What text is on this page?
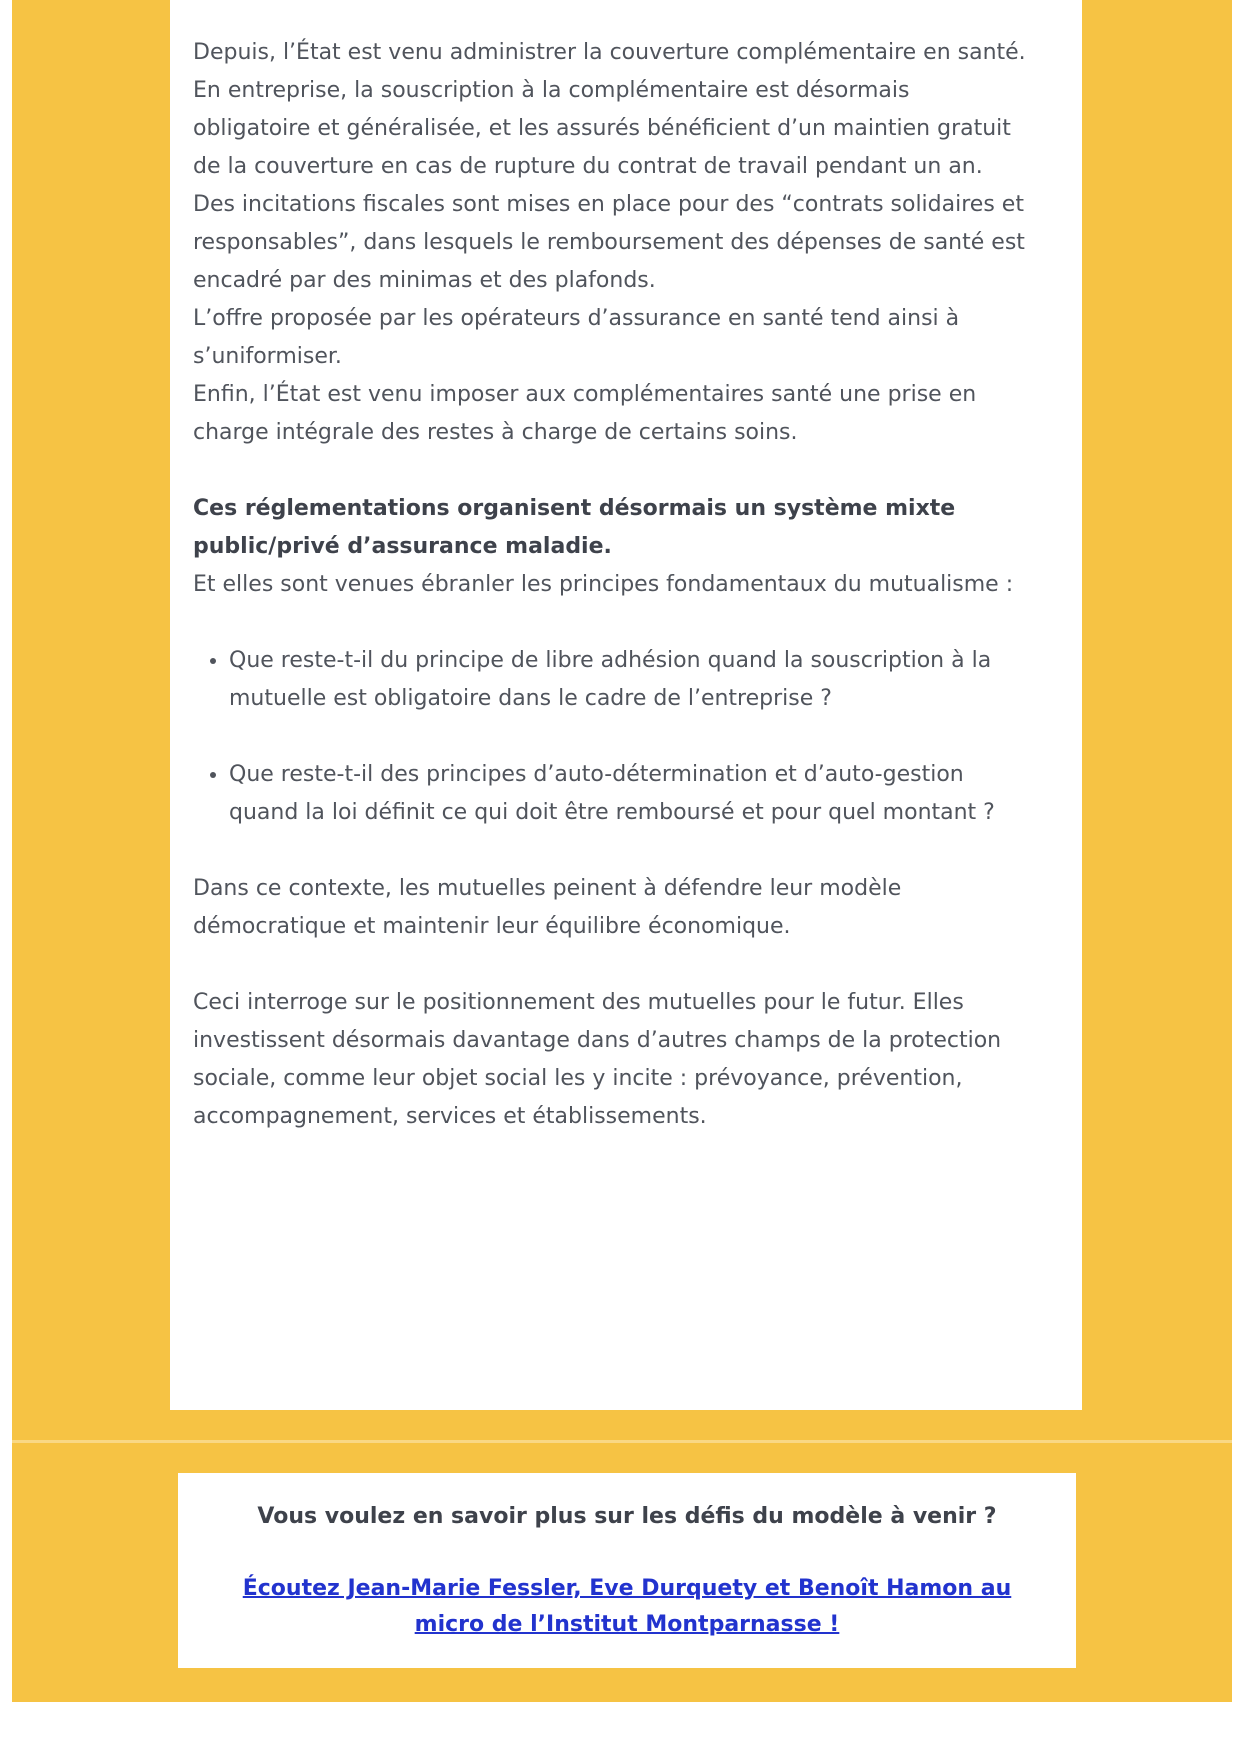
Depuis, l’État est venu administrer la couverture complémentaire en santé.

En entreprise, la souscription à la complémentaire est désormais obligatoire et généralisée, et les assurés bénéficient d’un maintien gratuit de la couverture en cas de rupture du contrat de travail pendant un an.

Des incitations fiscales sont mises en place pour des “contrats solidaires et responsables”, dans lesquels le remboursement des dépenses de santé est encadré par des minimas et des plafonds.

L’offre proposée par les opérateurs d’assurance en santé tend ainsi à s’uniformiser.

Enfin, l’État est venu imposer aux complémentaires santé une prise en charge intégrale des restes à charge de certains soins.

Ces réglementations organisent désormais un système mixte public/privé d’assurance maladie.

Et elles sont venues ébranler les principes fondamentaux du mutualisme :

• Que reste-t-il du principe de libre adhésion quand la souscription à la mutuelle est obligatoire dans le cadre de l’entreprise ?
• Que reste-t-il des principes d’auto-détermination et d’auto-gestion quand la loi définit ce qui doit être remboursé et pour quel montant ?

Dans ce contexte, les mutuelles peinent à défendre leur modèle démocratique et maintenir leur équilibre économique.

Ceci interroge sur le positionnement des mutuelles pour le futur. Elles investissent désormais davantage dans d’autres champs de la protection sociale, comme leur objet social les y incite : prévoyance, prévention, accompagnement, services et établissements.

Vous voulez en savoir plus sur les défis du modèle à venir ?

Écoutez Jean-Marie Fessler, Eve Durquety et Benoît Hamon au micro de l’Institut Montparnasse !
